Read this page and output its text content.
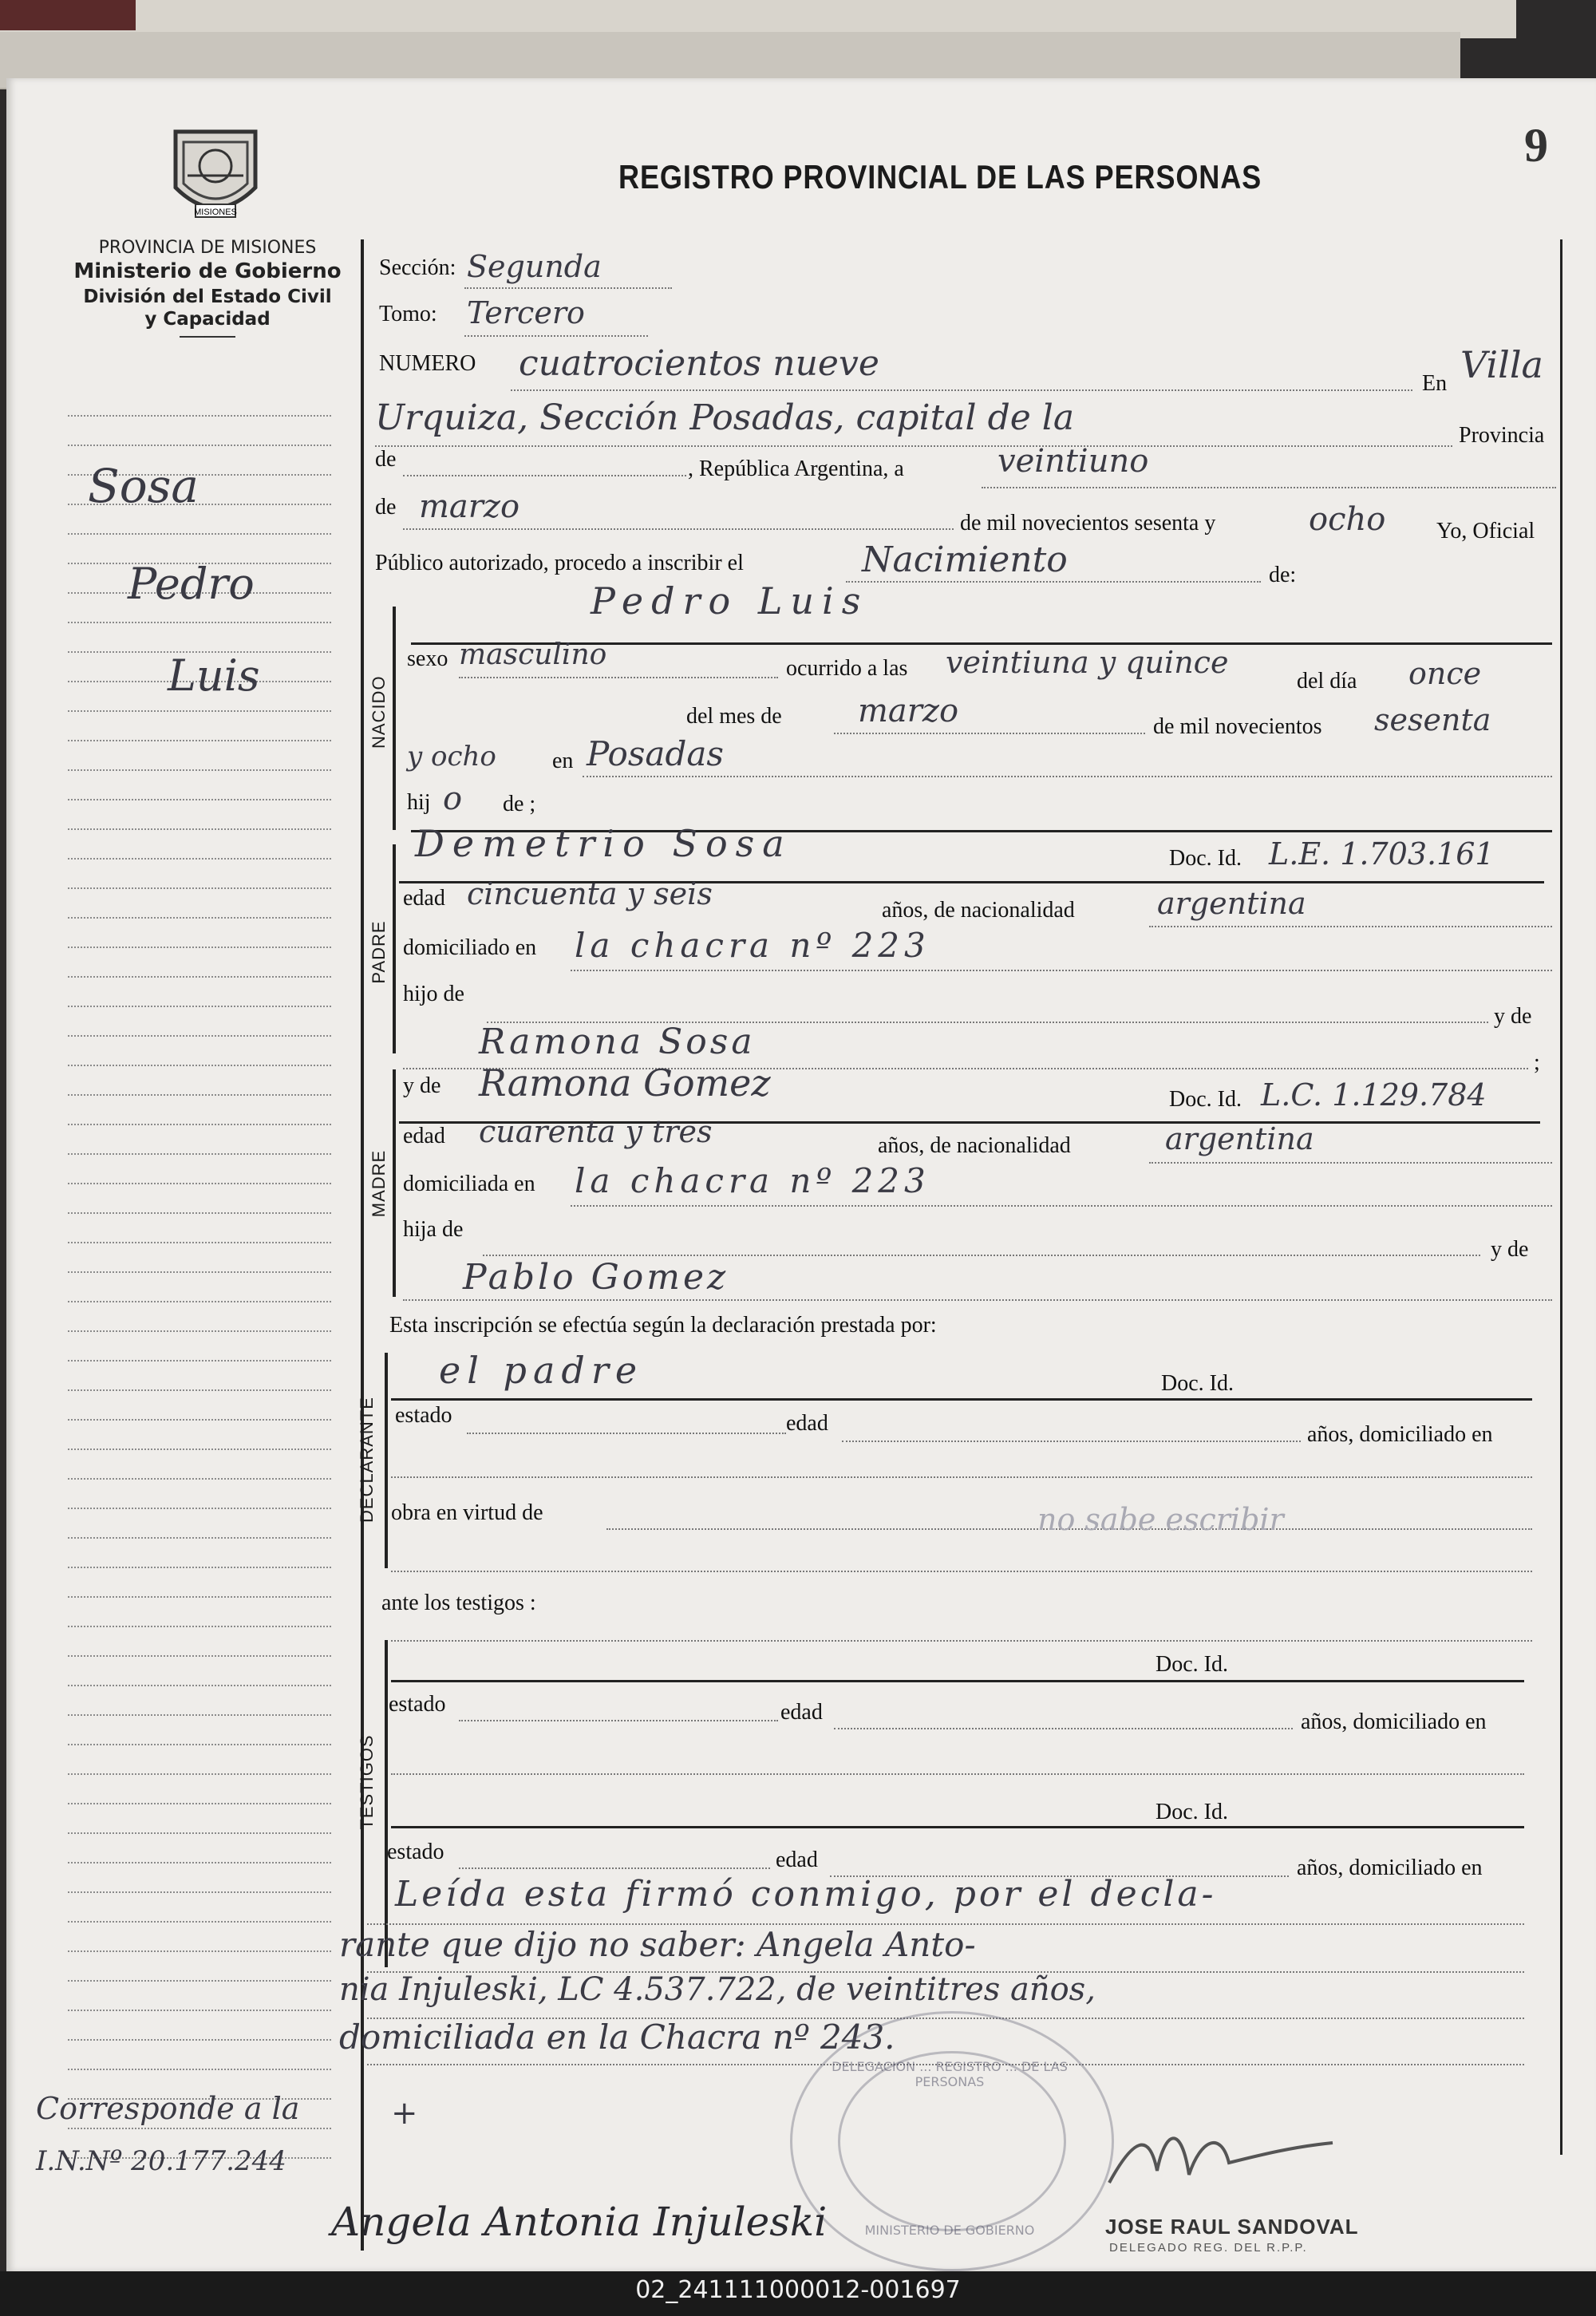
MISIONES
PROVINCIA DE MISIONES
Ministerio de Gobierno
División del Estado Civil
y Capacidad
REGISTRO PROVINCIAL DE LAS PERSONAS
9
NACIDO
PADRE
MADRE
DECLARANTE
TESTIGOS
Sección: Segunda
Tomo: Tercero
NUMERO cuatrocientos nueve	En Villa
Urquiza, Sección Posadas, capital de la	Provincia
de	, República Argentina, a	veintiuno
de marzo	de mil novecientos sesenta y	ocho Yo, Oficial
Público autorizado, procedo a inscribir el	Nacimiento	de:
Pedro Luis
sexo masculino	ocurrido a las veintiuna y quince
del día once
del mes de marzo	de mil novecientos sesenta
y ocho	en Posadas
hij o de ;
Demetrio Sosa	Doc. Id. L.E. 1.703.161
edad cincuenta y seis	años, de nacionalidad	argentina
domiciliado en la chacra nº 223
hijo de
y de
Ramona Sosa
;
y de Ramona Gomez	Doc. Id. L.C. 1.129.784
edad cuarenta y tres	años, de nacionalidad	argentina
domiciliada en la chacra nº 223
hija de
y de
Pablo Gomez
Esta inscripción se efectúa según la declaración prestada por:
el padre	Doc. Id.
estado	edad	años, domiciliado en
obra en virtud de	no sabe escribir
ante los testigos :
Doc. Id.
estado	edad	años, domiciliado en
Doc. Id.
estado	edad	años, domiciliado en
Leída esta firmó conmigo, por el decla-
rante que dijo no saber: Angela Anto-
nia Injuleski, LC 4.537.722, de veintitres años,
domiciliada en la Chacra nº 243.
+
DELEGACION ... REGISTRO ... DE LAS PERSONAS
MINISTERIO DE GOBIERNO	JOSE RAUL SANDOVAL
DELEGADO REG. DEL R.P.P.
Sosa
Pedro
Luis
Corresponde a la
I.N.Nº 20.177.244
Angela Antonia Injuleski
02_241111000012-001697
